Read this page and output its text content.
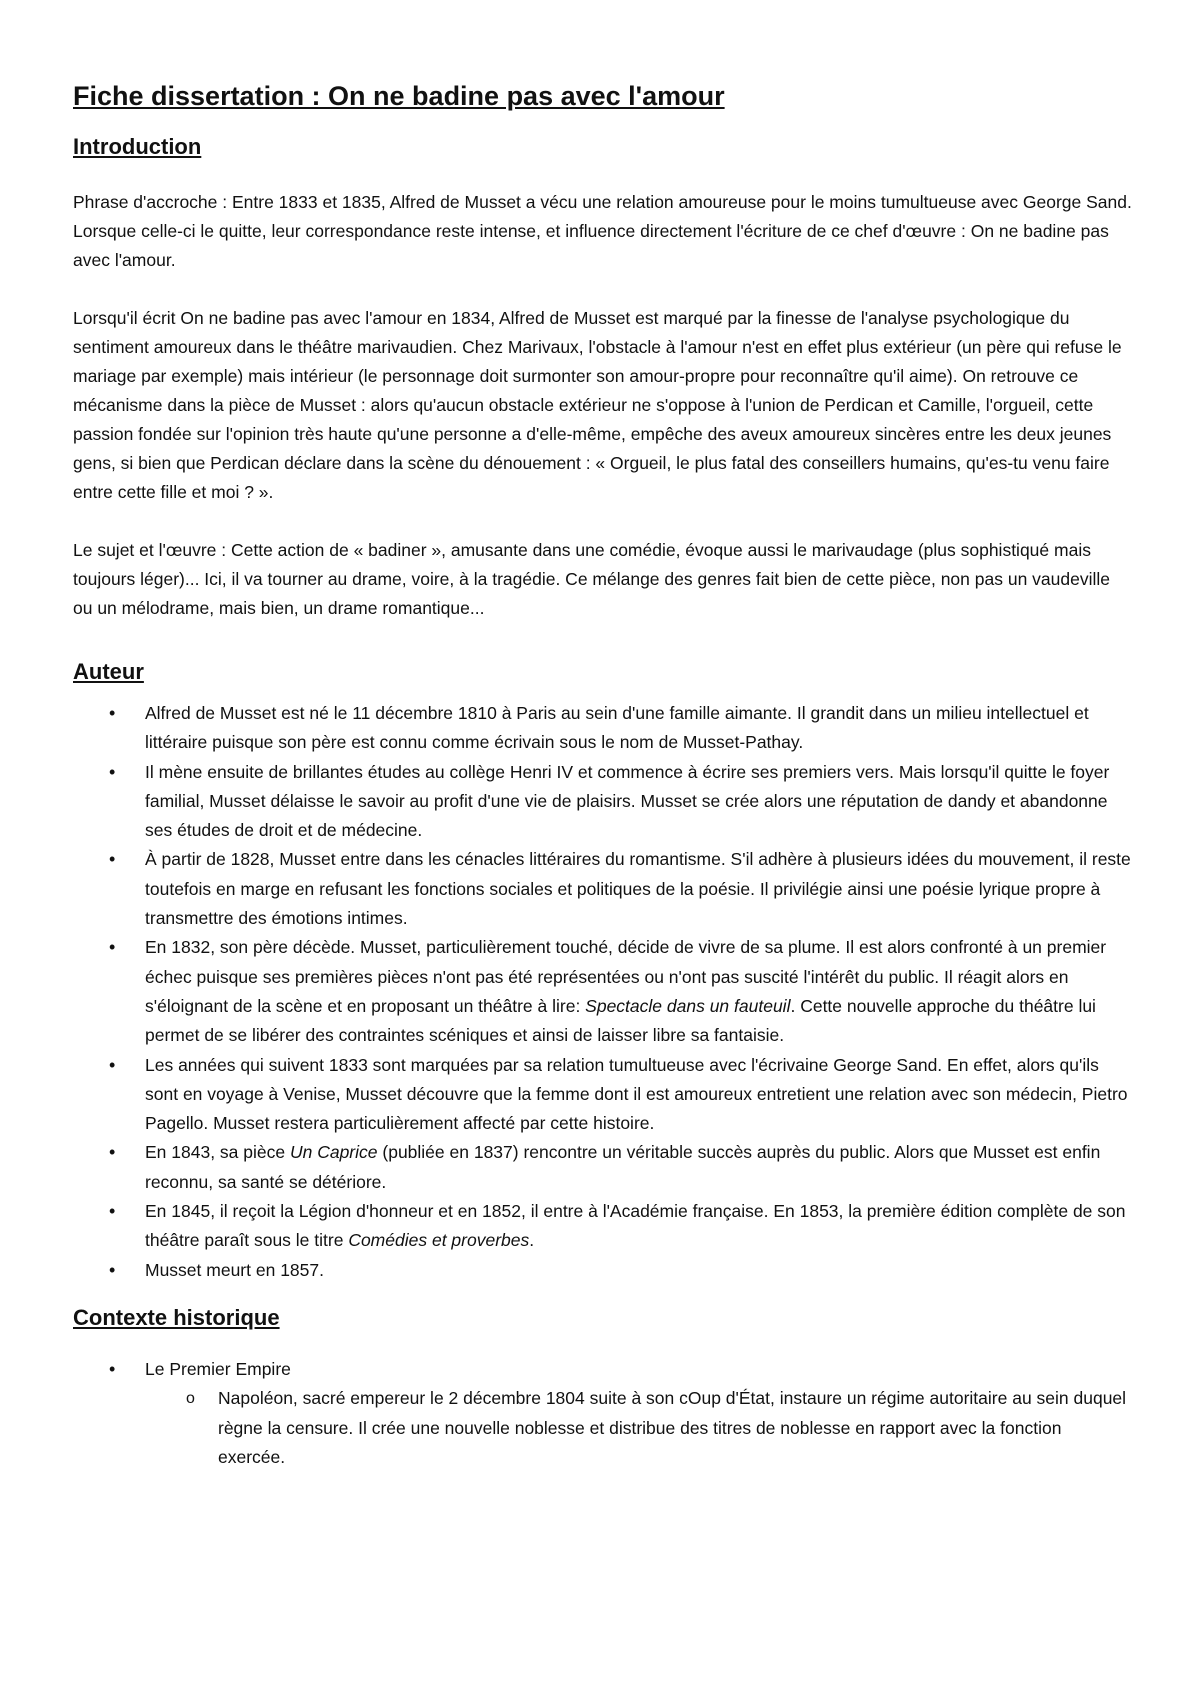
Fiche dissertation : On ne badine pas avec l'amour
Introduction

Phrase d'accroche : Entre 1833 et 1835, Alfred de Musset a vécu une relation amoureuse pour le moins tumultueuse avec George Sand. Lorsque celle-ci le quitte, leur correspondance reste intense, et influence directement l'écriture de ce chef d'œuvre : On ne badine pas avec l'amour.

Lorsqu'il écrit On ne badine pas avec l'amour en 1834, Alfred de Musset est marqué par la finesse de l'analyse psychologique du sentiment amoureux dans le théâtre marivaudien. Chez Marivaux, l'obstacle à l'amour n'est en effet plus extérieur (un père qui refuse le mariage par exemple) mais intérieur (le personnage doit surmonter son amour-propre pour reconnaître qu'il aime). On retrouve ce mécanisme dans la pièce de Musset : alors qu'aucun obstacle extérieur ne s'oppose à l'union de Perdican et Camille, l'orgueil, cette passion fondée sur l'opinion très haute qu'une personne a d'elle-même, empêche des aveux amoureux sincères entre les deux jeunes gens, si bien que Perdican déclare dans la scène du dénouement : « Orgueil, le plus fatal des conseillers humains, qu'es-tu venu faire entre cette fille et moi ? ».

Le sujet et l'œuvre : Cette action de « badiner », amusante dans une comédie, évoque aussi le marivaudage (plus sophistiqué mais toujours léger)... Ici, il va tourner au drame, voire, à la tragédie. Ce mélange des genres fait bien de cette pièce, non pas un vaudeville ou un mélodrame, mais bien, un drame romantique...

Auteur
• Alfred de Musset est né le 11 décembre 1810 à Paris au sein d'une famille aimante. Il grandit dans un milieu intellectuel et littéraire puisque son père est connu comme écrivain sous le nom de Musset-Pathay.
• Il mène ensuite de brillantes études au collège Henri IV et commence à écrire ses premiers vers. Mais lorsqu'il quitte le foyer familial, Musset délaisse le savoir au profit d'une vie de plaisirs. Musset se crée alors une réputation de dandy et abandonne ses études de droit et de médecine.
• À partir de 1828, Musset entre dans les cénacles littéraires du romantisme. S'il adhère à plusieurs idées du mouvement, il reste toutefois en marge en refusant les fonctions sociales et politiques de la poésie. Il privilégie ainsi une poésie lyrique propre à transmettre des émotions intimes.
• En 1832, son père décède. Musset, particulièrement touché, décide de vivre de sa plume. Il est alors confronté à un premier échec puisque ses premières pièces n'ont pas été représentées ou n'ont pas suscité l'intérêt du public. Il réagit alors en s'éloignant de la scène et en proposant un théâtre à lire: Spectacle dans un fauteuil. Cette nouvelle approche du théâtre lui permet de se libérer des contraintes scéniques et ainsi de laisser libre sa fantaisie.
• Les années qui suivent 1833 sont marquées par sa relation tumultueuse avec l'écrivaine George Sand. En effet, alors qu'ils sont en voyage à Venise, Musset découvre que la femme dont il est amoureux entretient une relation avec son médecin, Pietro Pagello. Musset restera particulièrement affecté par cette histoire.
• En 1843, sa pièce Un Caprice (publiée en 1837) rencontre un véritable succès auprès du public. Alors que Musset est enfin reconnu, sa santé se détériore.
• En 1845, il reçoit la Légion d'honneur et en 1852, il entre à l'Académie française. En 1853, la première édition complète de son théâtre paraît sous le titre Comédies et proverbes.
• Musset meurt en 1857.
Contexte historique
• Le Premier Empire
o Napoléon, sacré empereur le 2 décembre 1804 suite à son cOup d'État, instaure un régime autoritaire au sein duquel règne la censure. Il crée une nouvelle noblesse et distribue des titres de noblesse en rapport avec la fonction exercée.
